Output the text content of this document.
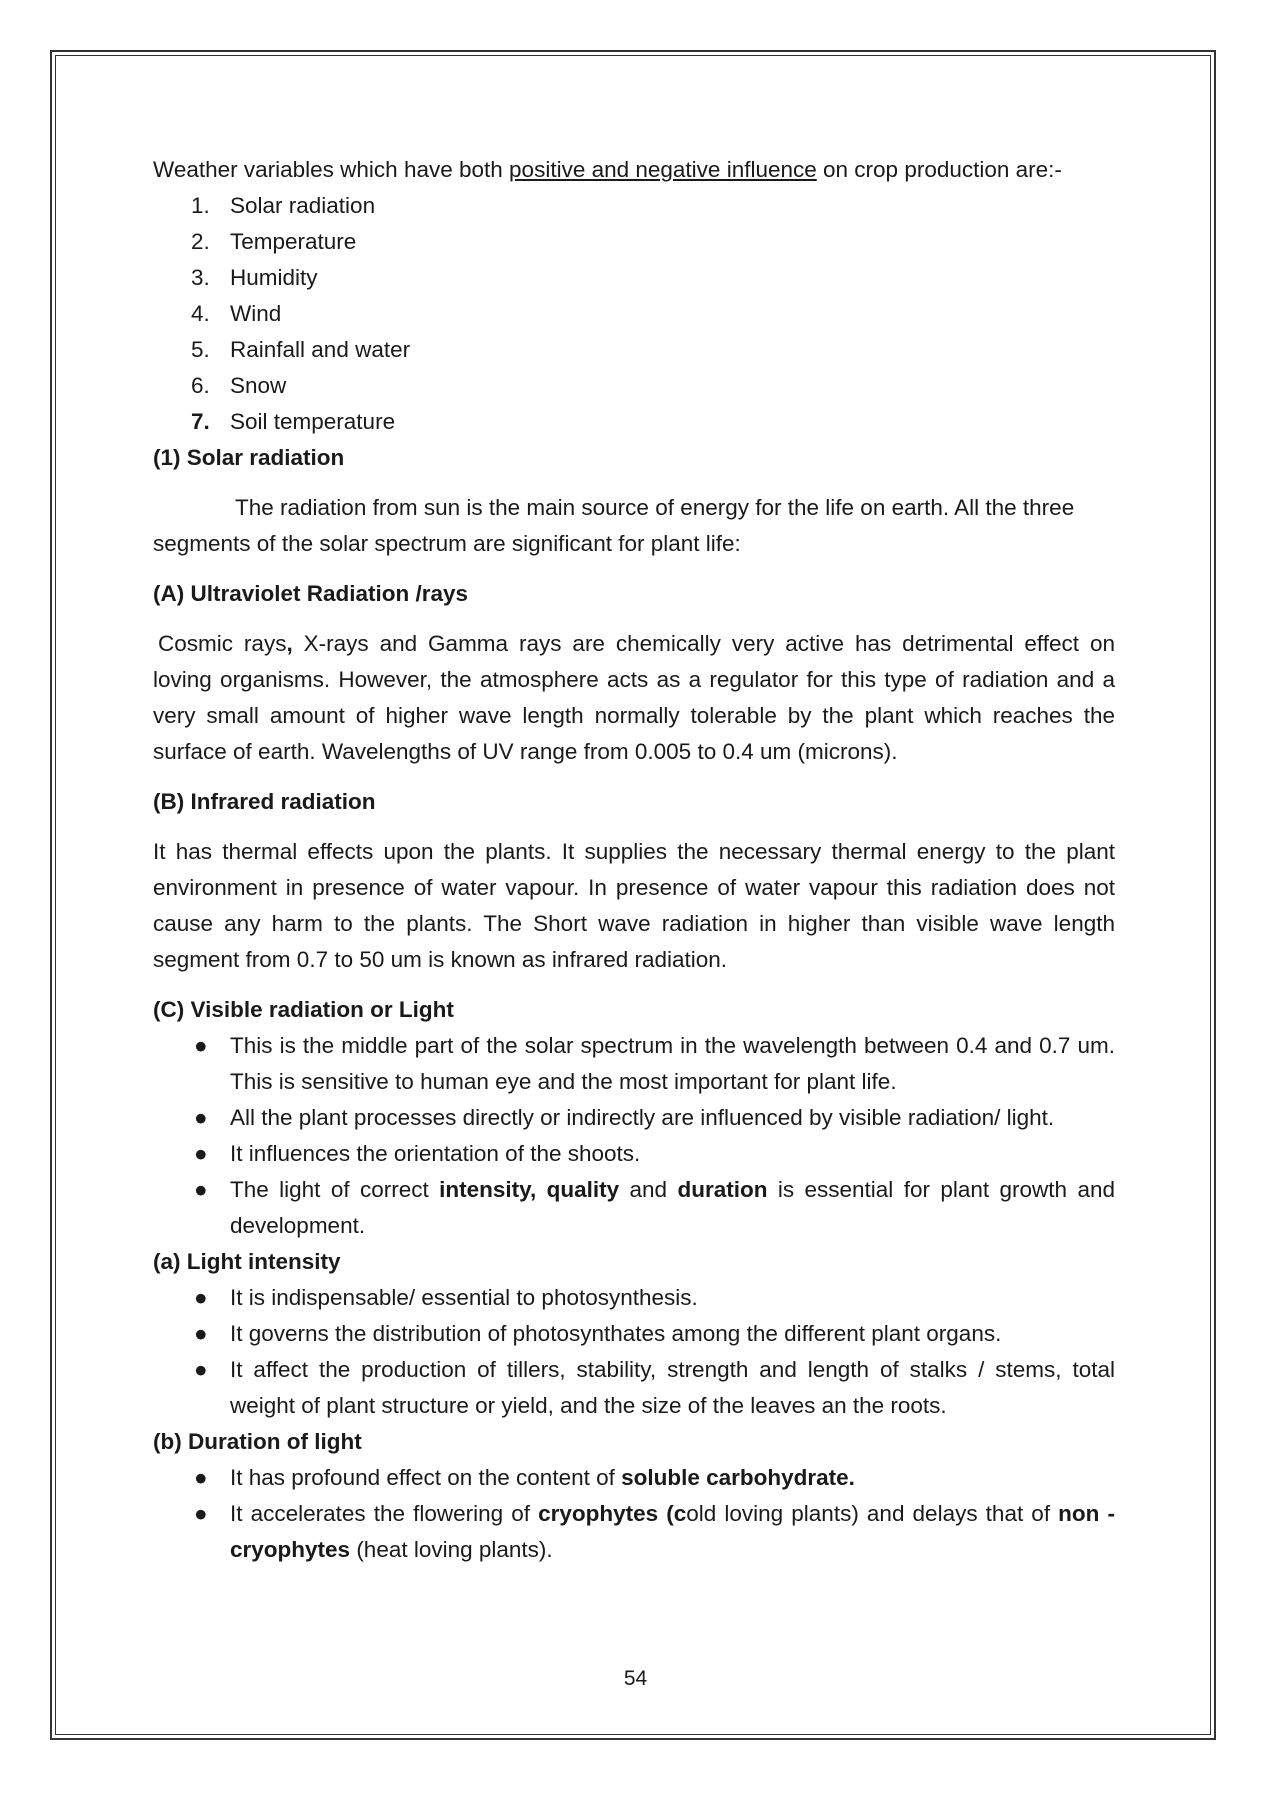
Weather variables which have both positive and negative influence on crop production are:-

1. Solar radiation
2. Temperature
3. Humidity
4. Wind
5. Rainfall and water
6. Snow
7. Soil temperature

(1) Solar radiation

The radiation from sun is the main source of energy for the life on earth. All the three segments of the solar spectrum are significant for plant life:

(A) Ultraviolet Radiation /rays

Cosmic rays, X-rays and Gamma rays are chemically very active has detrimental effect on loving organisms. However, the atmosphere acts as a regulator for this type of radiation and a very small amount of higher wave length normally tolerable by the plant which reaches the surface of earth. Wavelengths of UV range from 0.005 to 0.4 um (microns).

(B) Infrared radiation

It has thermal effects upon the plants. It supplies the necessary thermal energy to the plant environment in presence of water vapour. In presence of water vapour this radiation does not cause any harm to the plants. The Short wave radiation in higher than visible wave length segment from 0.7 to 50 um is known as infrared radiation.

(C) Visible radiation or Light

● This is the middle part of the solar spectrum in the wavelength between 0.4 and 0.7 um. This is sensitive to human eye and the most important for plant life.
● All the plant processes directly or indirectly are influenced by visible radiation/ light.
● It influences the orientation of the shoots.
● The light of correct intensity, quality and duration is essential for plant growth and development.

(a) Light intensity

● It is indispensable/ essential to photosynthesis.
● It governs the distribution of photosynthates among the different plant organs.
● It affect the production of tillers, stability, strength and length of stalks / stems, total weight of plant structure or yield, and the size of the leaves an the roots.

(b) Duration of light

● It has profound effect on the content of soluble carbohydrate.
● It accelerates the flowering of cryophytes (cold loving plants) and delays that of non - cryophytes (heat loving plants).
54
